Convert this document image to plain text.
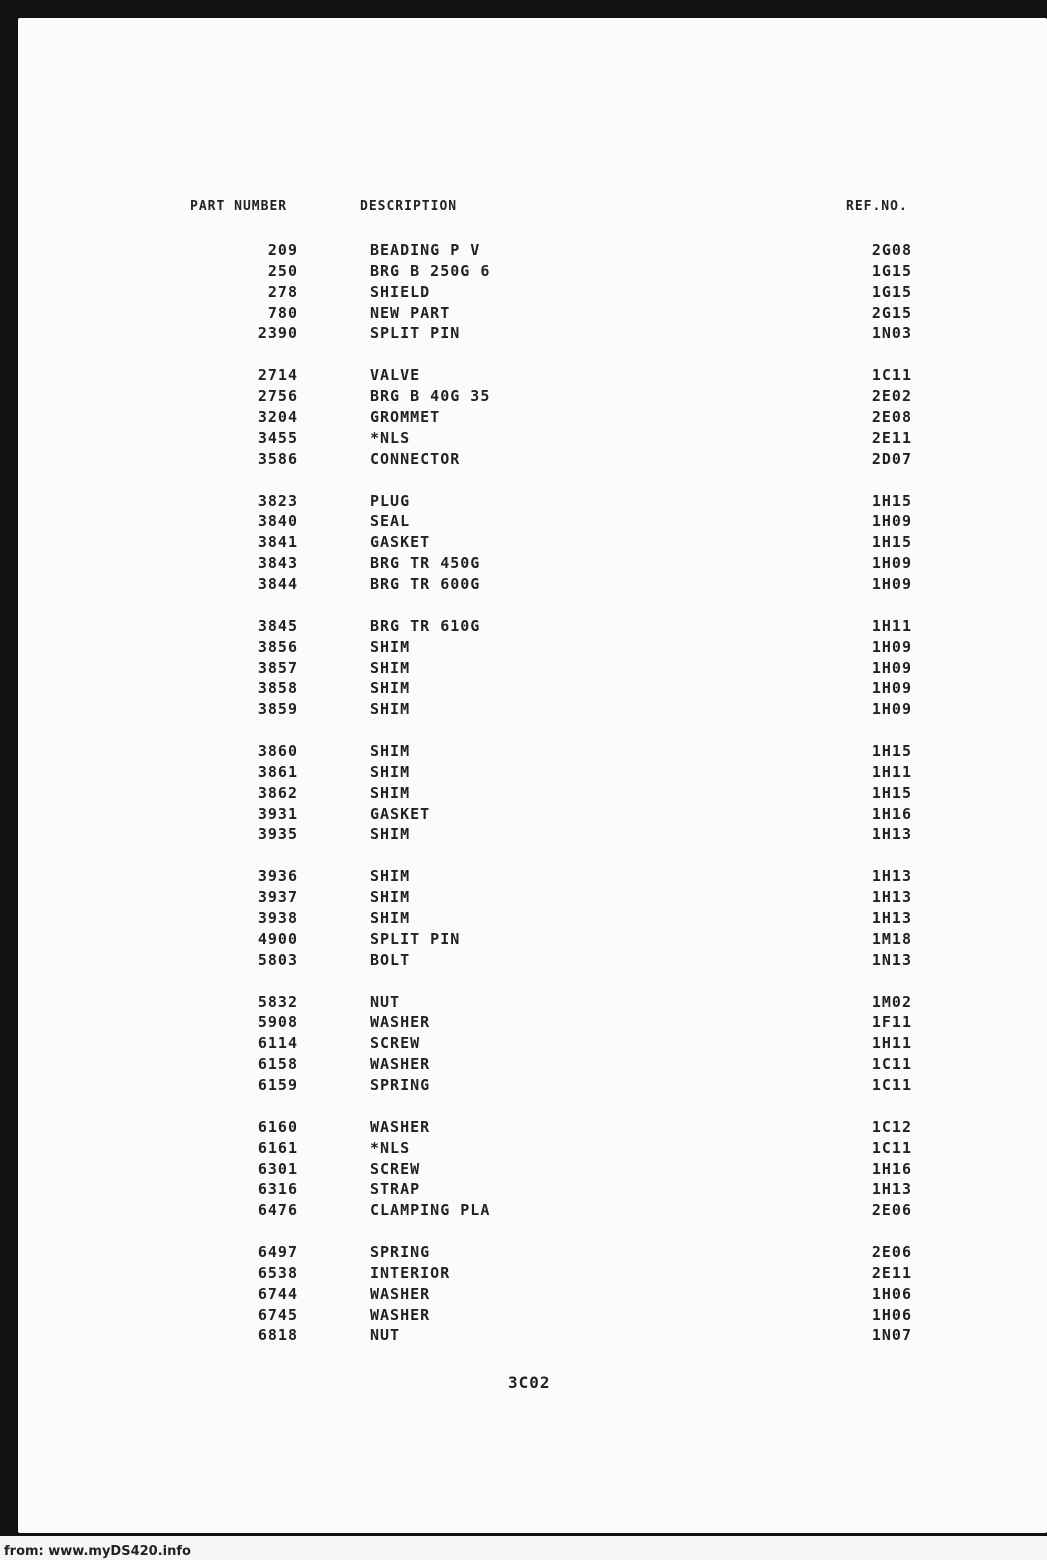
PART NUMBER	DESCRIPTION	REF.NO.
209	BEADING P V	2G08
250	BRG B 250G 6	1G15
278	SHIELD	1G15
780	NEW PART	2G15
2390	SPLIT PIN	1N03
2714	VALVE	1C11
2756	BRG B 40G 35	2E02
3204	GROMMET	2E08
3455	*NLS	2E11
3586	CONNECTOR	2D07
3823	PLUG	1H15
3840	SEAL	1H09
3841	GASKET	1H15
3843	BRG TR 450G	1H09
3844	BRG TR 600G	1H09
3845	BRG TR 610G	1H11
3856	SHIM	1H09
3857	SHIM	1H09
3858	SHIM	1H09
3859	SHIM	1H09
3860	SHIM	1H15
3861	SHIM	1H11
3862	SHIM	1H15
3931	GASKET	1H16
3935	SHIM	1H13
3936	SHIM	1H13
3937	SHIM	1H13
3938	SHIM	1H13
4900	SPLIT PIN	1M18
5803	BOLT	1N13
5832	NUT	1M02
5908	WASHER	1F11
6114	SCREW	1H11
6158	WASHER	1C11
6159	SPRING	1C11
6160	WASHER	1C12
6161	*NLS	1C11
6301	SCREW	1H16
6316	STRAP	1H13
6476	CLAMPING PLA	2E06
6497	SPRING	2E06
6538	INTERIOR	2E11
6744	WASHER	1H06
6745	WASHER	1H06
6818	NUT	1N07
3C02
from: www.myDS420.info
